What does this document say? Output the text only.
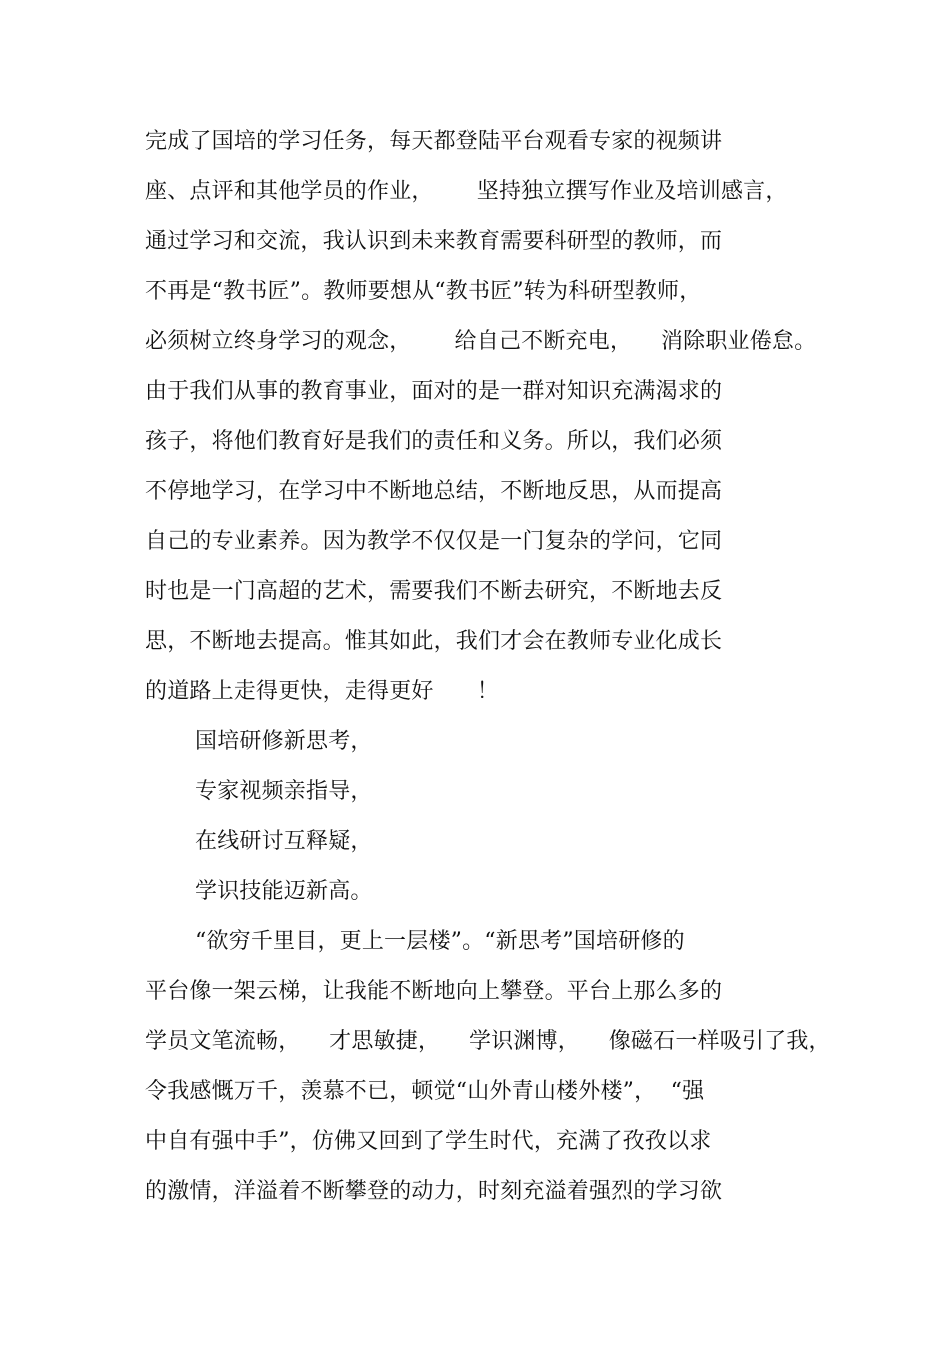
完成了国培的学习任务，每天都登陆平台观看专家的视频讲
座、点评和其他学员的作业，      坚持独立撰写作业及培训感言，
通过学习和交流，我认识到未来教育需要科研型的教师，而
不再是“教书匠”。教师要想从“教书匠”转为科研型教师，
必须树立终身学习的观念，      给自己不断充电，    消除职业倦怠。
由于我们从事的教育事业，面对的是一群对知识充满渴求的
孩子，将他们教育好是我们的责任和义务。所以，我们必须
不停地学习，在学习中不断地总结，不断地反思，从而提高
自己的专业素养。因为教学不仅仅是一门复杂的学问，它同
时也是一门高超的艺术，需要我们不断去研究，不断地去反
思，不断地去提高。惟其如此，我们才会在教师专业化成长
的道路上走得更快，走得更好      ！
国培研修新思考，
专家视频亲指导，
在线研讨互释疑，
学识技能迈新高。
“欲穷千里目，更上一层楼”。“新思考”国培研修的
平台像一架云梯，让我能不断地向上攀登。平台上那么多的
学员文笔流畅，    才思敏捷，    学识渊博，    像磁石一样吸引了我，
令我感慨万千，羡慕不已，顿觉“山外青山楼外楼”，  “强
中自有强中手”，仿佛又回到了学生时代，充满了孜孜以求
的激情，洋溢着不断攀登的动力，时刻充溢着强烈的学习欲
